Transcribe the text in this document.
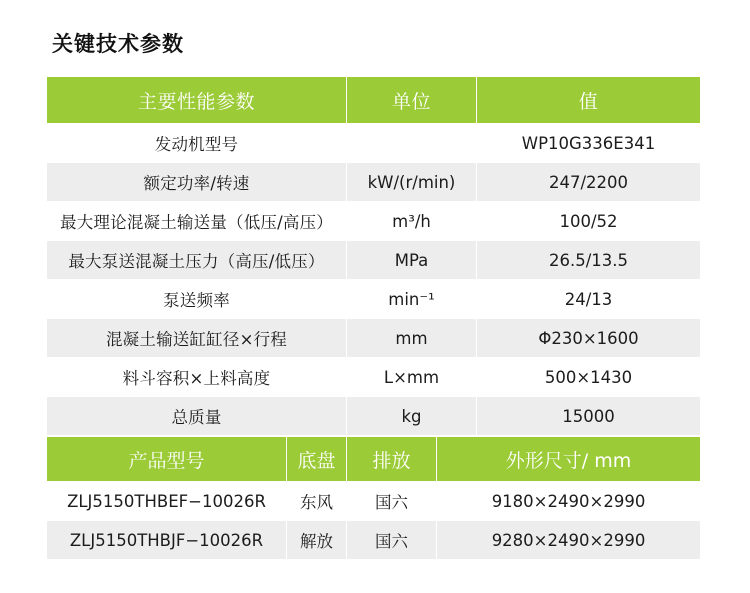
关键技术参数
主要性能参数	单位	值
发动机型号		WP10G336E341
额定功率/转速	kW/(r/min)	247/2200
最大理论混凝土输送量（低压/高压）	m³/h	100/52
最大泵送混凝土压力（高压/低压）	MPa	26.5/13.5
泵送频率	min⁻¹	24/13
混凝土输送缸缸径×行程	mm	Φ230×1600
料斗容积×上料高度	L×mm	500×1430
总质量	kg	15000
产品型号	底盘	排放	外形尺寸/ mm
ZLJ5150THBEF−10026R	东风	国六	9180×2490×2990
ZLJ5150THBJF−10026R	解放	国六	9280×2490×2990
